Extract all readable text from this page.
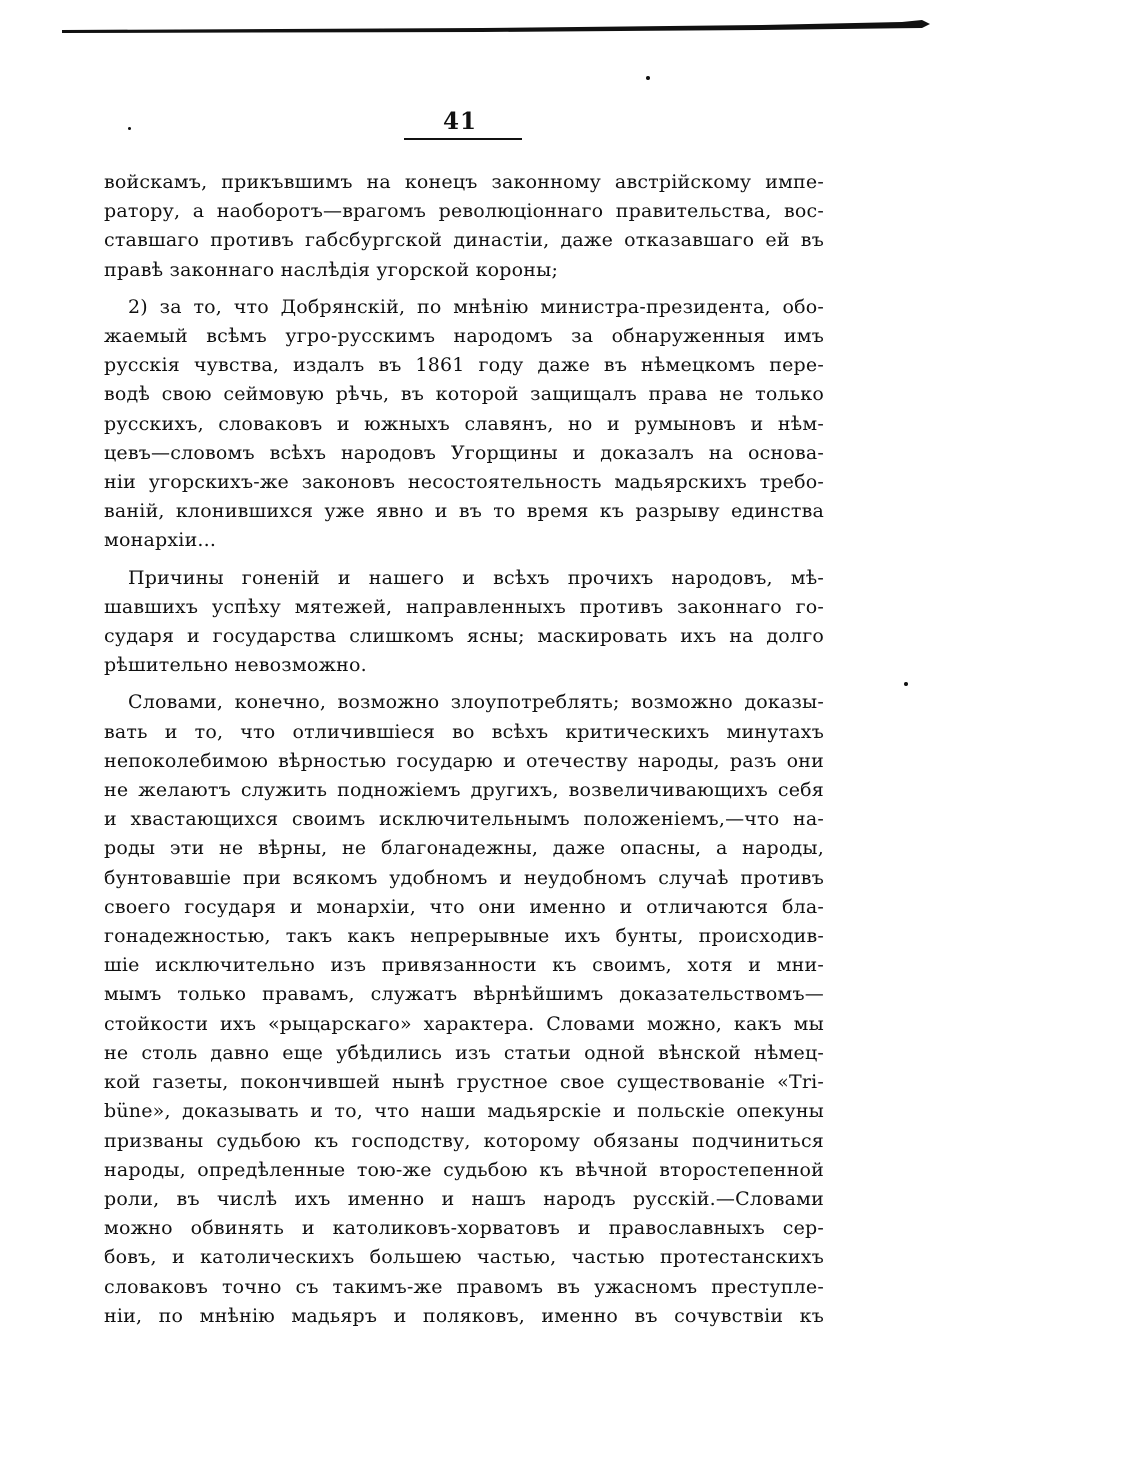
41

войскамъ, прикъвшимъ на конецъ законному австрійскому импе-
ратору, а наоборотъ—врагомъ революціоннаго правительства, вос-
ставшаго противъ габсбургской династіи, даже отказавшаго ей въ
правѣ законнаго наслѣдія угорской короны;

2) за то, что Добрянскій, по мнѣнію министра-президента, обо-
жаемый всѣмъ угро-русскимъ народомъ за обнаруженныя имъ
русскія чувства, издалъ въ 1861 году даже въ нѣмецкомъ пере-
водѣ свою сеймовую рѣчь, въ которой защищалъ права не только
русскихъ, словаковъ и южныхъ славянъ, но и румыновъ и нѣм-
цевъ—словомъ всѣхъ народовъ Угорщины и доказалъ на основа-
ніи угорскихъ-же законовъ несостоятельность мадьярскихъ требо-
ваній, клонившихся уже явно и въ то время къ разрыву единства
монархіи...

Причины гоненій и нашего и всѣхъ прочихъ народовъ, мѣ-
шавшихъ успѣху мятежей, направленныхъ противъ законнаго го-
сударя и государства слишкомъ ясны; маскировать ихъ на долго
рѣшительно невозможно.

Словами, конечно, возможно злоупотреблять; возможно доказы-
вать и то, что отличившіеся во всѣхъ критическихъ минутахъ
непоколебимою вѣрностью государю и отечеству народы, разъ они
не желаютъ служить подножіемъ другихъ, возвеличивающихъ себя
и хвастающихся своимъ исключительнымъ положеніемъ,—что на-
роды эти не вѣрны, не благонадежны, даже опасны, а народы,
бунтовавшіе при всякомъ удобномъ и неудобномъ случаѣ противъ
своего государя и монархіи, что они именно и отличаются бла-
гонадежностью, такъ какъ непрерывные ихъ бунты, происходив-
шіе исключительно изъ привязанности къ своимъ, хотя и мни-
мымъ только правамъ, служатъ вѣрнѣйшимъ доказательствомъ—
стойкости ихъ «рыцарскаго» характера. Словами можно, какъ мы
не столь давно еще убѣдились изъ статьи одной вѣнской нѣмец-
кой газеты, покончившей нынѣ грустное свое существованіе «Tri-
büne», доказывать и то, что наши мадьярскіе и польскіе опекуны
призваны судьбою къ господству, которому обязаны подчиниться
народы, опредѣленные тою-же судьбою къ вѣчной второстепенной
роли, въ числѣ ихъ именно и нашъ народъ русскій.—Словами
можно обвинять и католиковъ-хорватовъ и православныхъ сер-
бовъ, и католическихъ большею частью, частью протестанскихъ
словаковъ точно съ такимъ-же правомъ въ ужасномъ преступле-
ніи, по мнѣнію мадьяръ и поляковъ, именно въ сочувствіи къ
